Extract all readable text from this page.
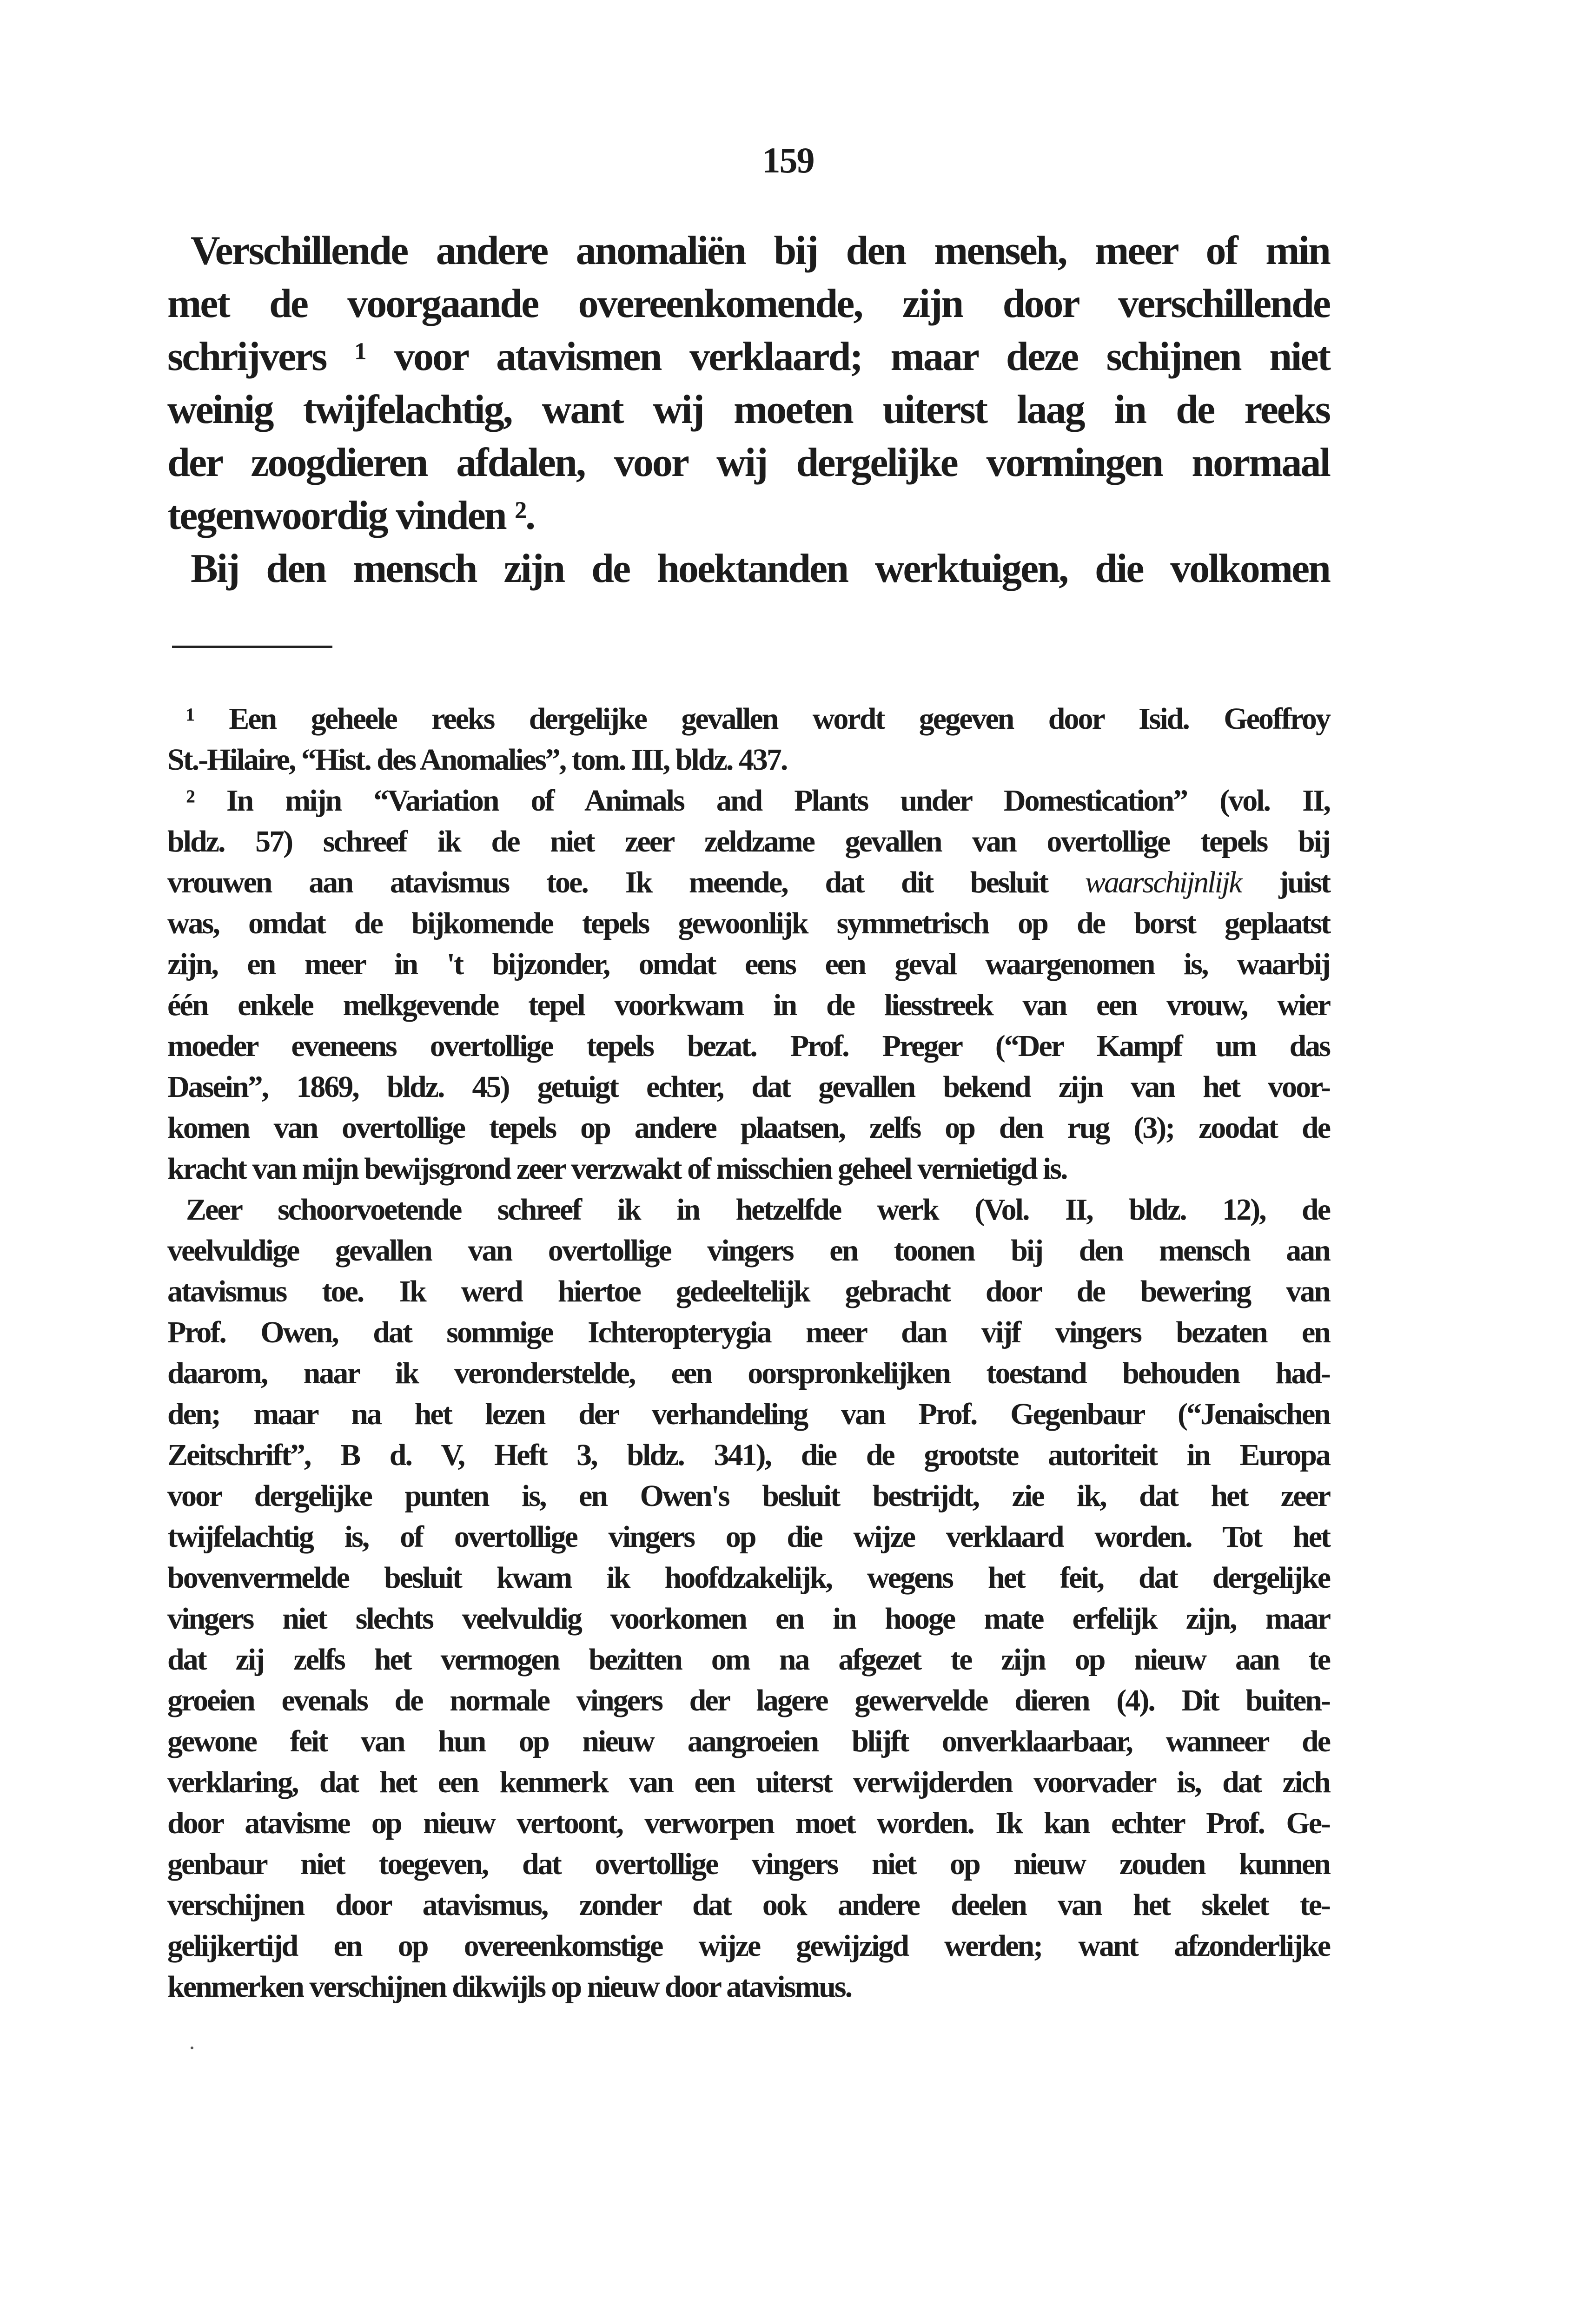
159
Verschillende andere anomaliën bij den menseh, meer of min
met de voorgaande overeenkomende, zijn door verschillende
schrijvers ¹ voor atavismen verklaard; maar deze schijnen niet
weinig twijfelachtig, want wij moeten uiterst laag in de reeks
der zoogdieren afdalen, voor wij dergelijke vormingen normaal
tegenwoordig vinden ².
Bij den mensch zijn de hoektanden werktuigen, die volkomen
¹ Een geheele reeks dergelijke gevallen wordt gegeven door Isid. Geoffroy
St.-Hilaire, “Hist. des Anomalies”, tom. III, bldz. 437.
² In mijn “Variation of Animals and Plants under Domestication” (vol. II,
bldz. 57) schreef ik de niet zeer zeldzame gevallen van overtollige tepels bij
vrouwen aan atavismus toe. Ik meende, dat dit besluit waarschijnlijk juist
was, omdat de bijkomende tepels gewoonlijk symmetrisch op de borst geplaatst
zijn, en meer in 't bijzonder, omdat eens een geval waargenomen is, waarbij
één enkele melkgevende tepel voorkwam in de liesstreek van een vrouw, wier
moeder eveneens overtollige tepels bezat. Prof. Preger (“Der Kampf um das
Dasein”, 1869, bldz. 45) getuigt echter, dat gevallen bekend zijn van het voor-
komen van overtollige tepels op andere plaatsen, zelfs op den rug (3); zoodat de
kracht van mijn bewijsgrond zeer verzwakt of misschien geheel vernietigd is.
Zeer schoorvoetende schreef ik in hetzelfde werk (Vol. II, bldz. 12), de
veelvuldige gevallen van overtollige vingers en toonen bij den mensch aan
atavismus toe. Ik werd hiertoe gedeeltelijk gebracht door de bewering van
Prof. Owen, dat sommige Ichteropterygia meer dan vijf vingers bezaten en
daarom, naar ik veronderstelde, een oorspronkelijken toestand behouden had-
den; maar na het lezen der verhandeling van Prof. Gegenbaur (“Jenaischen
Zeitschrift”, B d. V, Heft 3, bldz. 341), die de grootste autoriteit in Europa
voor dergelijke punten is, en Owen's besluit bestrijdt, zie ik, dat het zeer
twijfelachtig is, of overtollige vingers op die wijze verklaard worden. Tot het
bovenvermelde besluit kwam ik hoofdzakelijk, wegens het feit, dat dergelijke
vingers niet slechts veelvuldig voorkomen en in hooge mate erfelijk zijn, maar
dat zij zelfs het vermogen bezitten om na afgezet te zijn op nieuw aan te
groeien evenals de normale vingers der lagere gewervelde dieren (4). Dit buiten-
gewone feit van hun op nieuw aangroeien blijft onverklaarbaar, wanneer de
verklaring, dat het een kenmerk van een uiterst verwijderden voorvader is, dat zich
door atavisme op nieuw vertoont, verworpen moet worden. Ik kan echter Prof. Ge-
genbaur niet toegeven, dat overtollige vingers niet op nieuw zouden kunnen
verschijnen door atavismus, zonder dat ook andere deelen van het skelet te-
gelijkertijd en op overeenkomstige wijze gewijzigd werden; want afzonderlijke
kenmerken verschijnen dikwijls op nieuw door atavismus.
